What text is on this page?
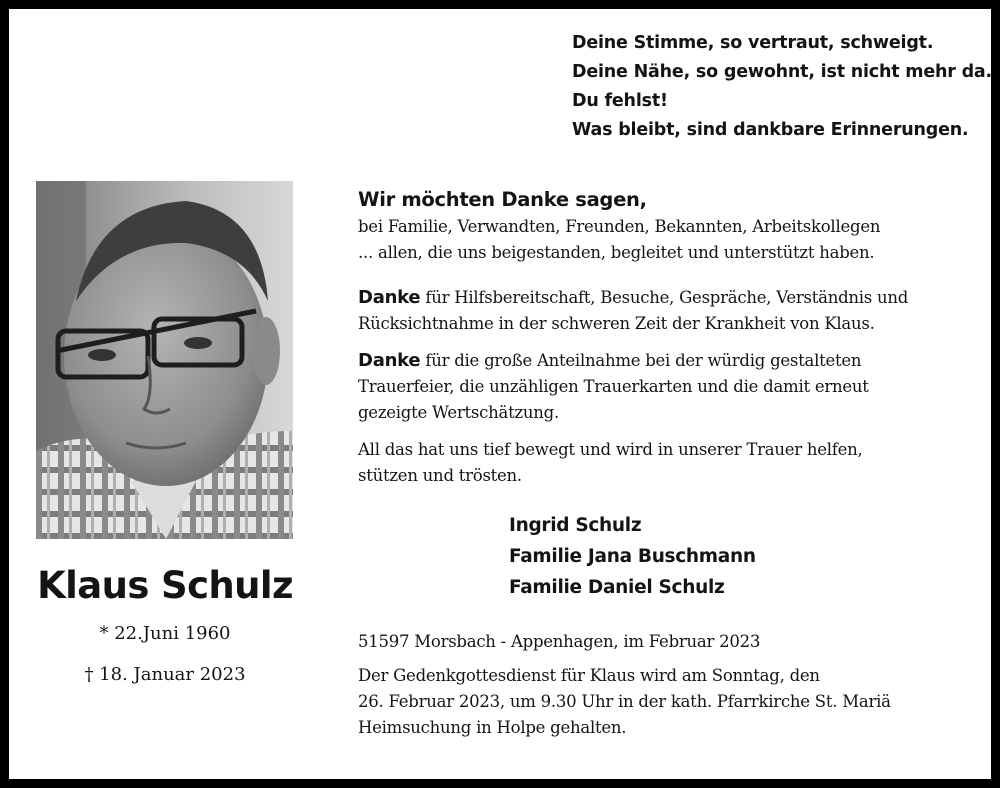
Deine Stimme, so vertraut, schweigt.
Deine Nähe, so gewohnt, ist nicht mehr da.
Du fehlst!
Was bleibt, sind dankbare Erinnerungen.
Klaus Schulz
* 22.Juni 1960
† 18. Januar 2023
Wir möchten Danke sagen,
bei Familie, Verwandten, Freunden, Bekannten, Arbeitskollegen
... allen, die uns beigestanden, begleitet und unterstützt haben.
Danke für Hilfsbereitschaft, Besuche, Gespräche, Verständnis und
Rücksichtnahme in der schweren Zeit der Krankheit von Klaus.
Danke für die große Anteilnahme bei der würdig gestalteten
Trauerfeier, die unzähligen Trauerkarten und die damit erneut
gezeigte Wertschätzung.
All das hat uns tief bewegt und wird in unserer Trauer helfen,
stützen und trösten.
Ingrid Schulz
Familie Jana Buschmann
Familie Daniel Schulz
51597 Morsbach - Appenhagen, im Februar 2023
Der Gedenkgottesdienst für Klaus wird am Sonntag, den
26. Februar 2023, um 9.30 Uhr in der kath. Pfarrkirche St. Mariä
Heimsuchung in Holpe gehalten.
